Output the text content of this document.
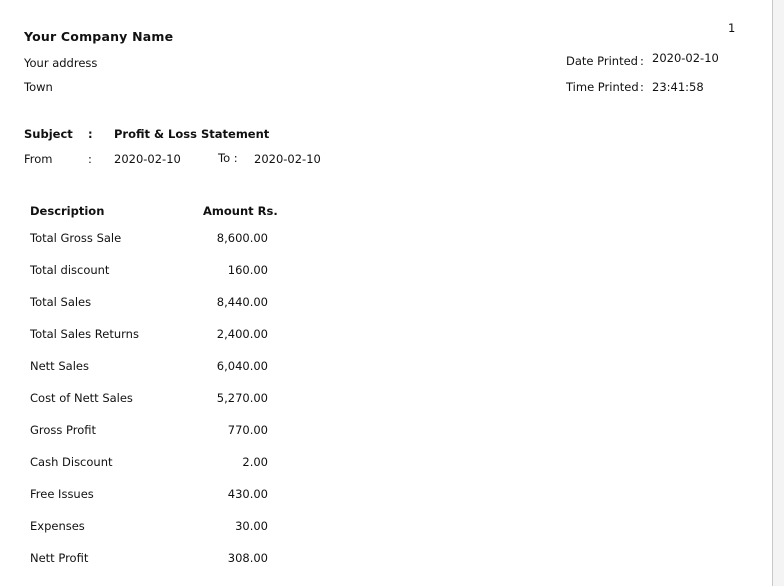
1
Your Company Name
Your address
Town
Date Printed : 2020-02-10
Time Printed : 23:41:58
Subject : Profit & Loss Statement
From	: 2020-02-10	To : 2020-02-10
Description	Amount Rs.
Total Gross Sale	8,600.00
Total discount	160.00
Total Sales	8,440.00
Total Sales Returns	2,400.00
Nett Sales	6,040.00
Cost of Nett Sales	5,270.00
Gross Profit	770.00
Cash Discount	2.00
Free Issues	430.00
Expenses	30.00
Nett Profit	308.00
